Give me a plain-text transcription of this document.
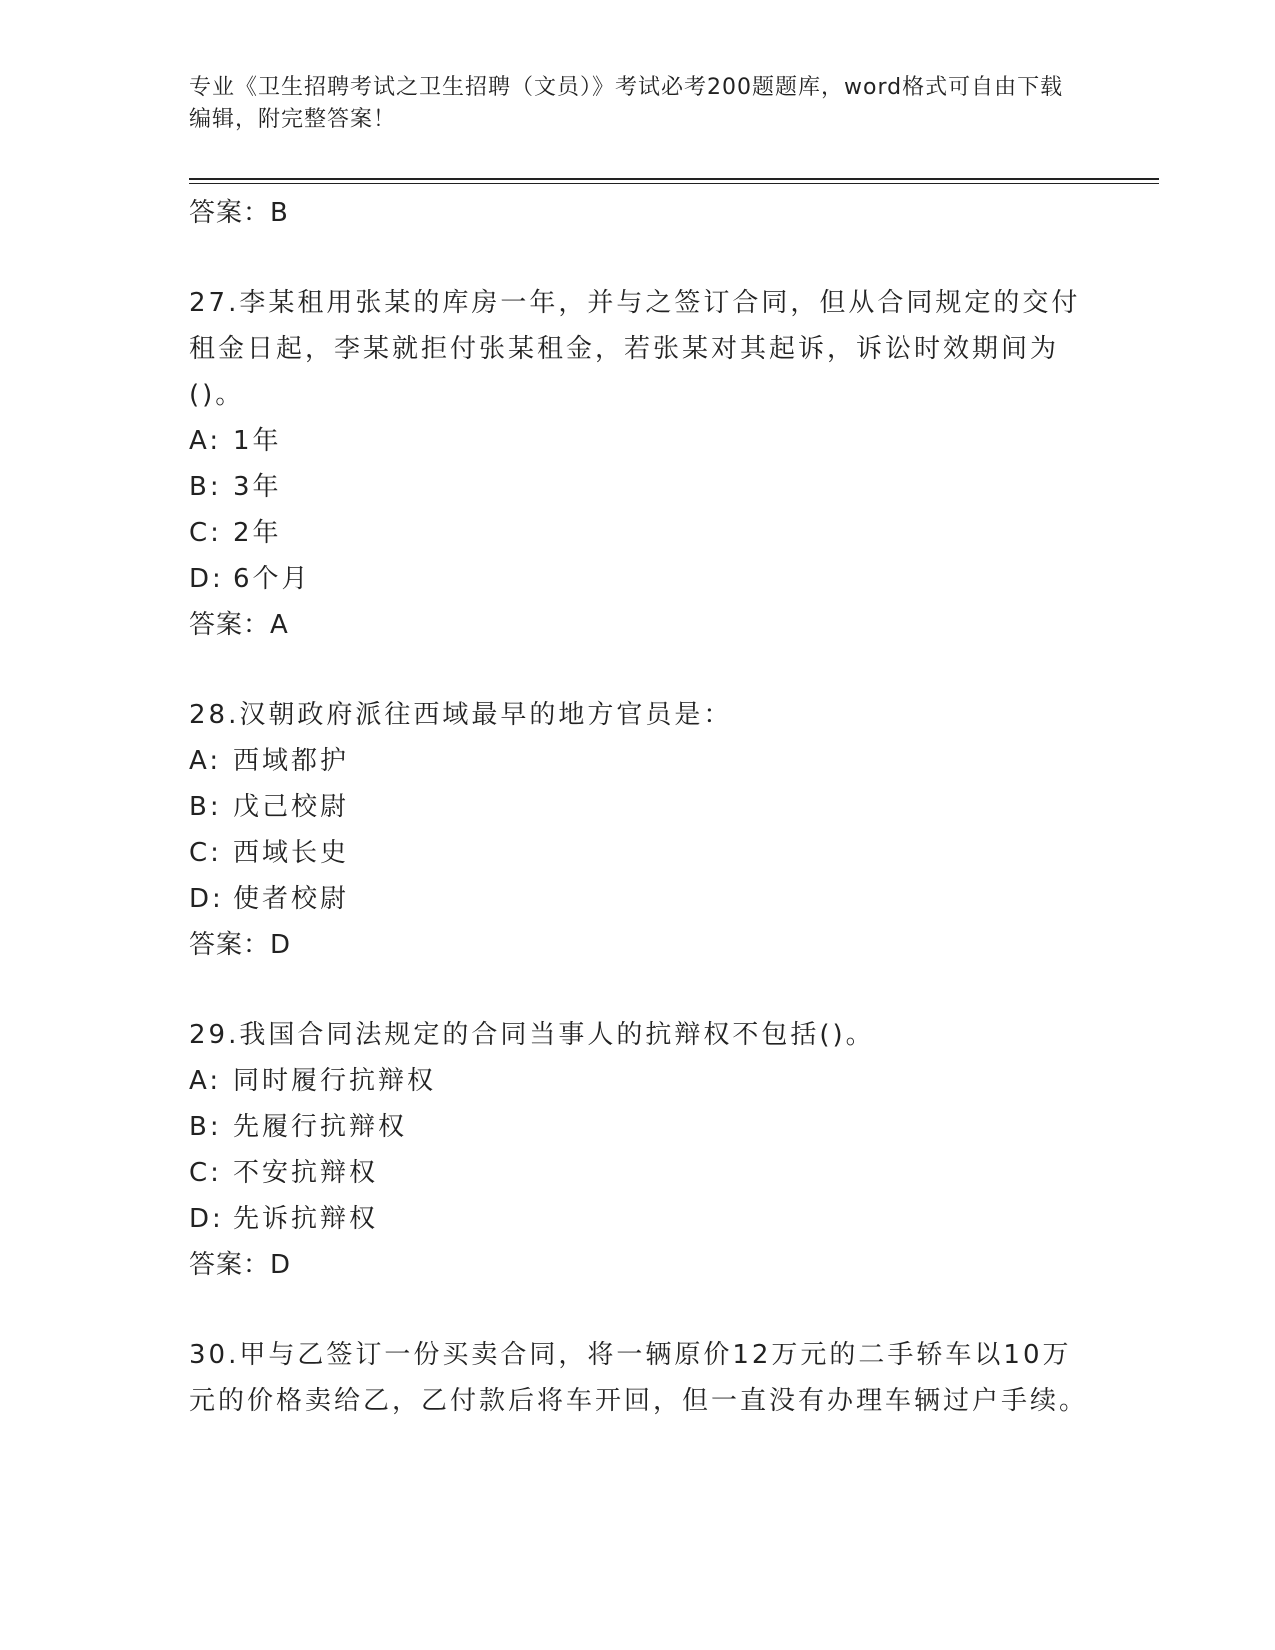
专业《卫生招聘考试之卫生招聘（文员）》考试必考200题题库，word格式可自由下载编辑，附完整答案！

答案：B

27.李某租用张某的库房一年，并与之签订合同，但从合同规定的交付租金日起，李某就拒付张某租金，若张某对其起诉，诉讼时效期间为()。

A: 1年

B: 3年

C: 2年

D: 6个月

答案：A

28.汉朝政府派往西域最早的地方官员是：

A: 西域都护

B: 戊己校尉

C: 西域长史

D: 使者校尉

答案：D

29.我国合同法规定的合同当事人的抗辩权不包括()。

A: 同时履行抗辩权

B: 先履行抗辩权

C: 不安抗辩权

D: 先诉抗辩权

答案：D

30.甲与乙签订一份买卖合同，将一辆原价12万元的二手轿车以10万元的价格卖给乙，乙付款后将车开回，但一直没有办理车辆过户手续。
